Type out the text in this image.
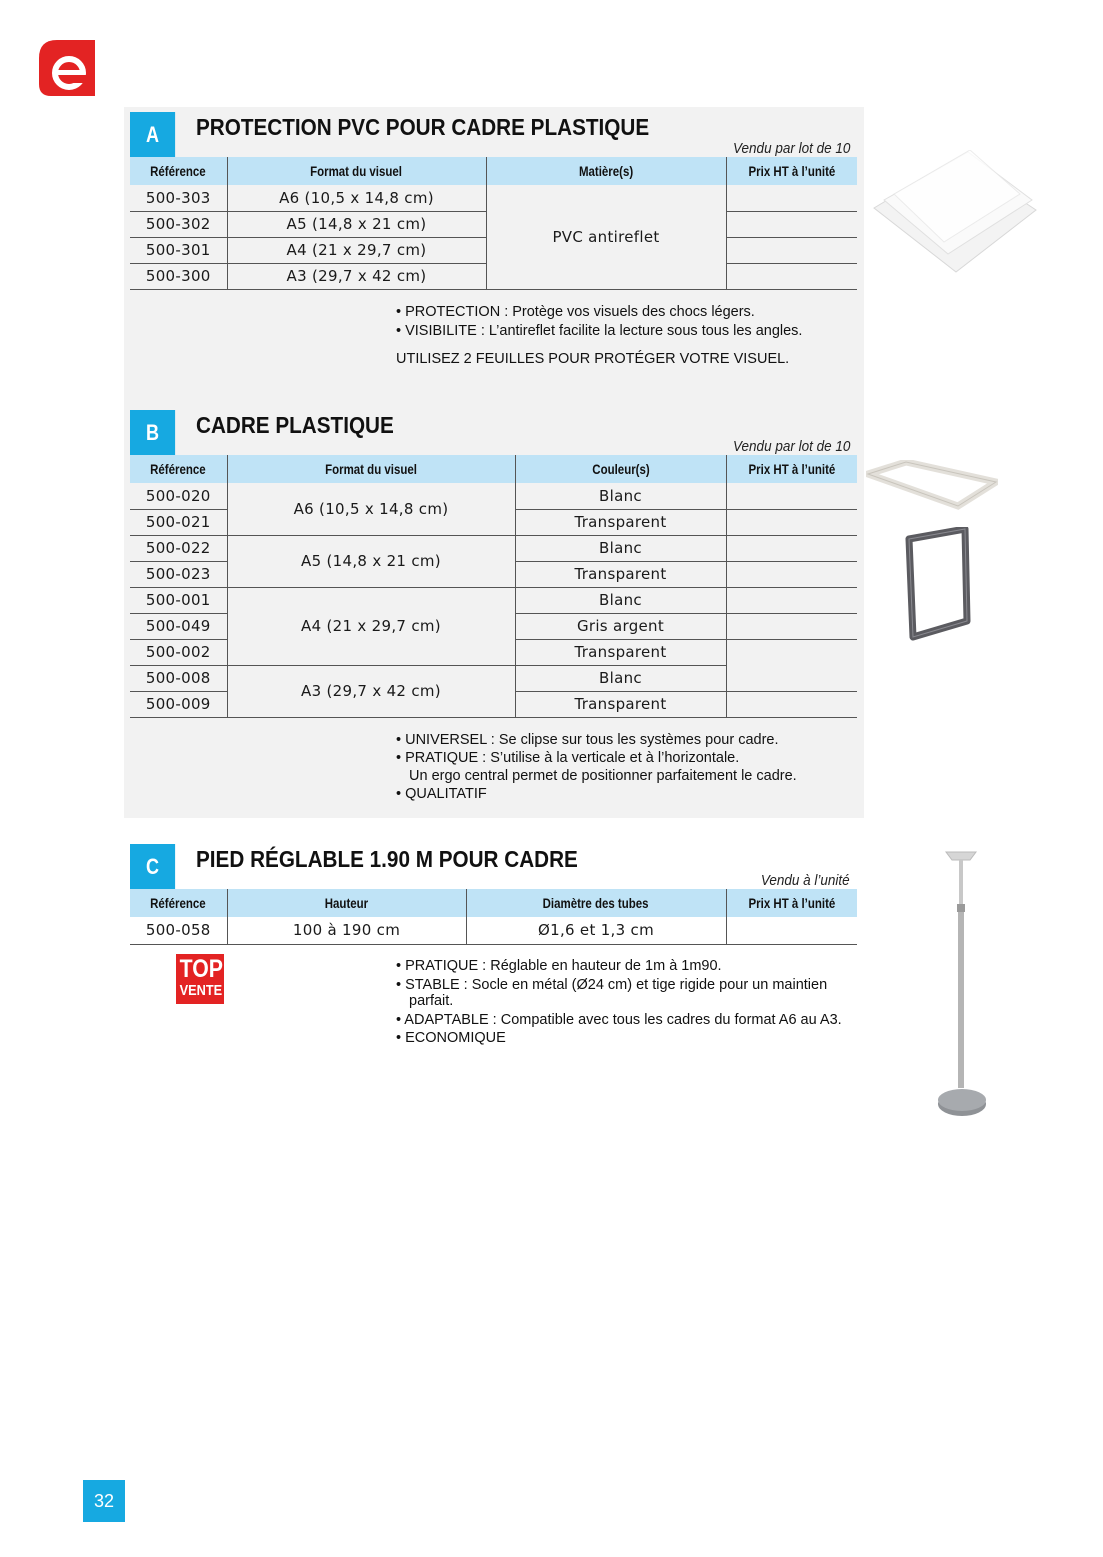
A	PROTECTION PVC POUR CADRE PLASTIQUE
Vendu par lot de 10
Référence	Format du visuel	Matière(s)	Prix HT à l’unité
500-303	A6 (10,5 x 14,8 cm)	PVC antireflet	
500-302	A5 (14,8 x 21 cm)		
500-301	A4 (21 x 29,7 cm)		
500-300	A3 (29,7 x 42 cm)		
• PROTECTION : Protège vos visuels des chocs légers.
• VISIBILITE : L’antireflet facilite la lecture sous tous les angles.
UTILISEZ 2 FEUILLES POUR PROTÉGER VOTRE VISUEL.
B	CADRE PLASTIQUE
Vendu par lot de 10
Référence	Format du visuel	Couleur(s)	Prix HT à l’unité
500-020	A6 (10,5 x 14,8 cm)	Blanc	
500-021		Transparent	
500-022	A5 (14,8 x 21 cm)	Blanc	
500-023		Transparent	
500-001	A4 (21 x 29,7 cm)	Blanc	
500-049		Gris argent	
500-002		Transparent	
500-008	A3 (29,7 x 42 cm)	Blanc	
500-009		Transparent	
• UNIVERSEL : Se clipse sur tous les systèmes pour cadre.
• PRATIQUE : S’utilise à la verticale et à l’horizontale.
Un ergo central permet de positionner parfaitement le cadre.
• QUALITATIF
C	PIED RÉGLABLE 1.90 M POUR CADRE
Vendu à l’unité
Référence	Hauteur	Diamètre des tubes	Prix HT à l’unité
500-058	100 à 190 cm	Ø1,6 et 1,3 cm	
TOP
VENTE
• PRATIQUE : Réglable en hauteur de 1m à 1m90.
• STABLE : Socle en métal (Ø24 cm) et tige rigide pour un maintien
parfait.
• ADAPTABLE : Compatible avec tous les cadres du format A6 au A3.
• ECONOMIQUE
32
